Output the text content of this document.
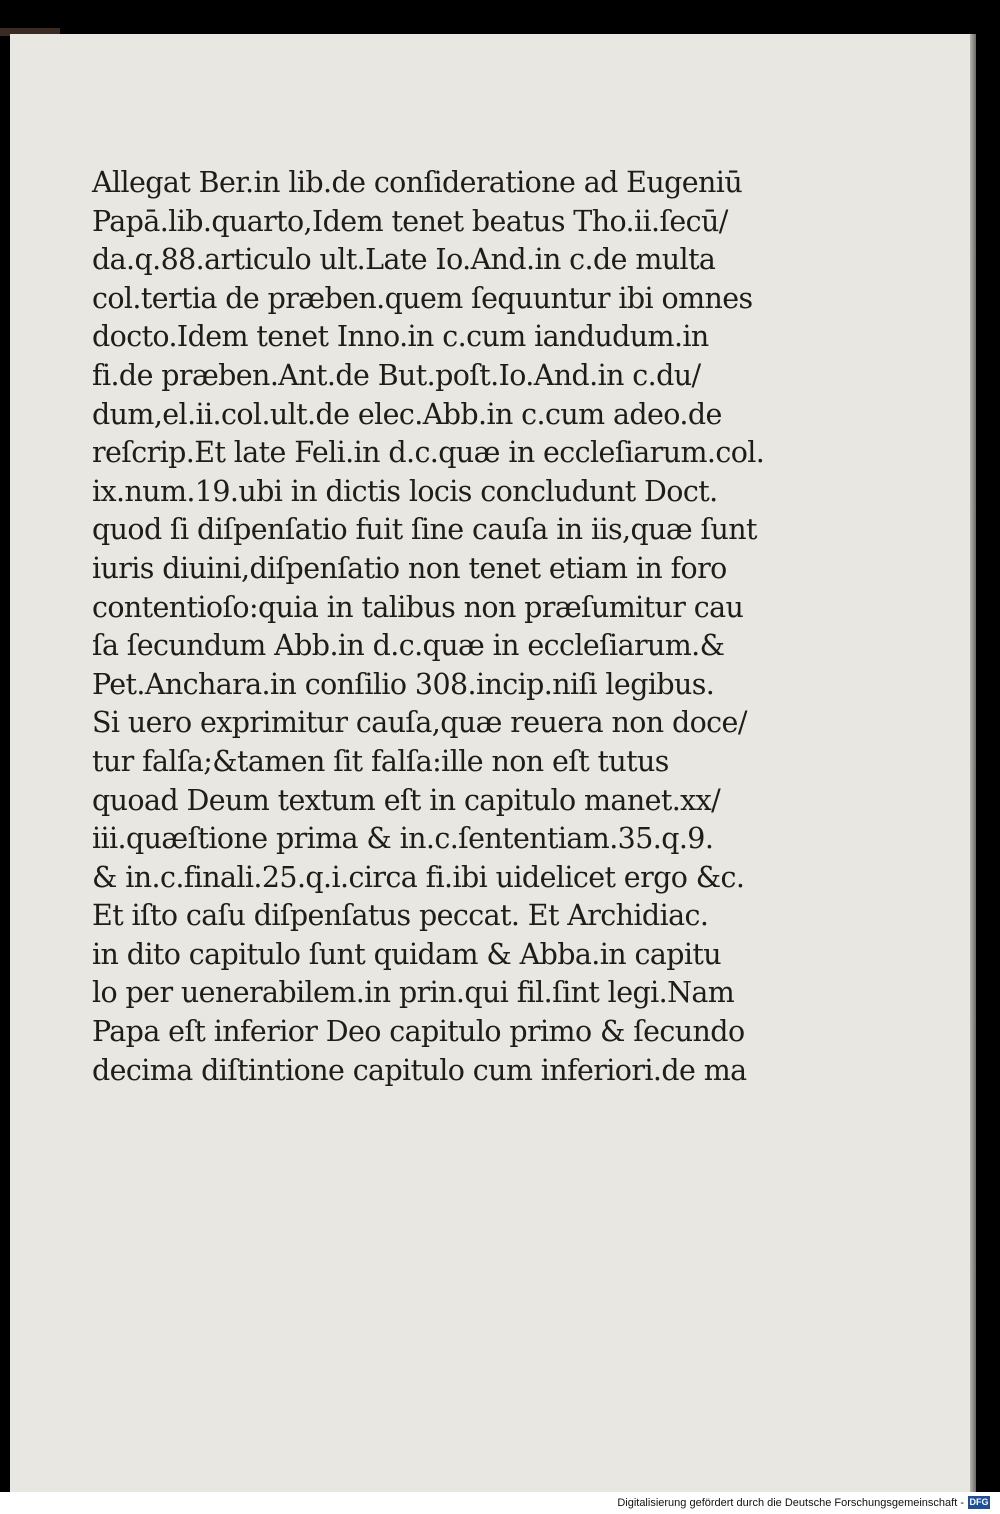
Allegat Ber.in lib.de conſideratione ad Eugeniū
Papā.lib.quarto,Idem tenet beatus Tho.ii.ſecū/
da.q.88.articulo ult.Late Io.And.in c.de multa
col.tertia de præben.quem ſequuntur ibi omnes
docto.Idem tenet Inno.in c.cum iandudum.in
fi.de præben.Ant.de But.poſt.Io.And.in c.du/
dum,el.ii.col.ult.de elec.Abb.in c.cum adeo.de
reſcrip.Et late Feli.in d.c.quæ in eccleſiarum.col.
ix.num.19.ubi in dictis locis concludunt Doct.
quod ſi diſpenſatio fuit ſine cauſa in iis,quæ ſunt
iuris diuini,diſpenſatio non tenet etiam in foro
contentioſo:quia in talibus non præſumitur cau
ſa ſecundum Abb.in d.c.quæ in eccleſiarum.&
Pet.Anchara.in conſilio 308.incip.niſi legibus.
Si uero exprimitur cauſa,quæ reuera non doce/
tur falſa;&tamen ſit falſa:ille non eſt tutus
quoad Deum textum eſt in capitulo manet.xx/
iii.quæſtione prima & in.c.ſententiam.35.q.9.
& in.c.finali.25.q.i.circa fi.ibi uidelicet ergo &c.
Et iſto caſu diſpenſatus peccat. Et Archidiac.
in dito capitulo ſunt quidam & Abba.in capitu
lo per uenerabilem.in prin.qui fil.ſint legi.Nam
Papa eſt inferior Deo capitulo primo & ſecundo
decima diſtintione capitulo cum inferiori.de ma
Digitalisierung gefördert durch die Deutsche Forschungsgemeinschaft - DFG
